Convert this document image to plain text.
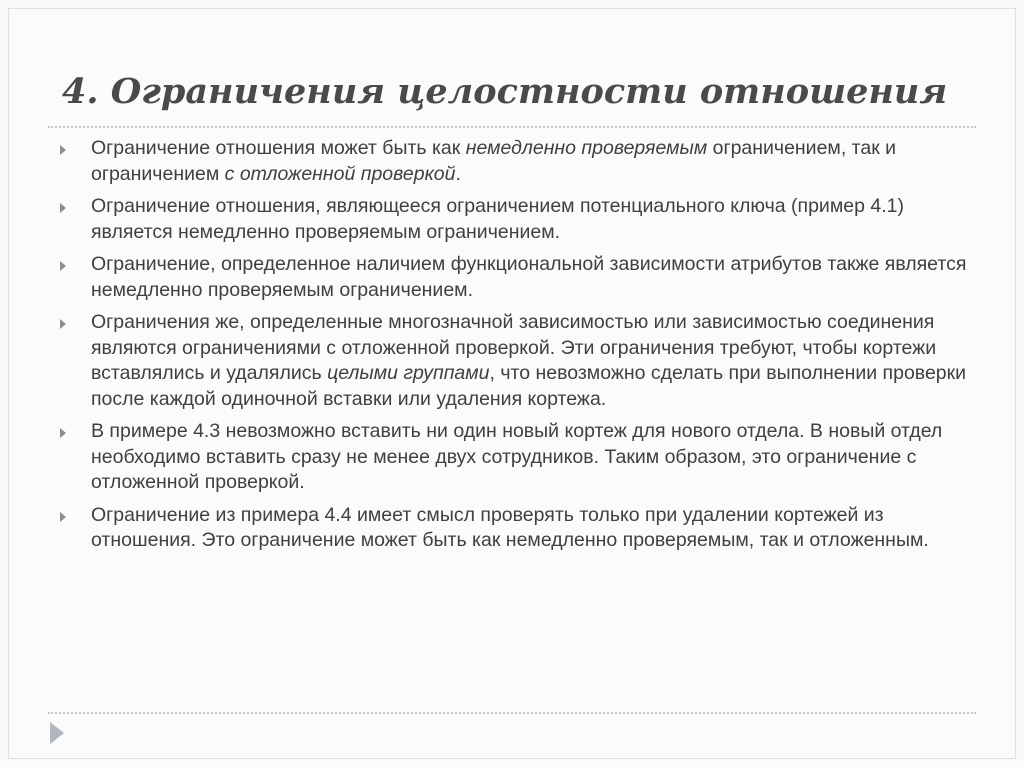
4. Ограничения целостности отношения
Ограничение отношения может быть как немедленно проверяемым ограничением, так и ограничением с отложенной проверкой.
Ограничение отношения, являющееся ограничением потенциального ключа (пример 4.1) является немедленно проверяемым ограничением.
Ограничение, определенное наличием функциональной зависимости атрибутов также является немедленно проверяемым ограничением.
Ограничения же, определенные многозначной зависимостью или зависимостью соединения являются ограничениями с отложенной проверкой. Эти ограничения требуют, чтобы кортежи вставлялись и удалялись целыми группами, что невозможно сделать при выполнении проверки после каждой одиночной вставки или удаления кортежа.
В примере 4.3 невозможно вставить ни один новый кортеж для нового отдела. В новый отдел необходимо вставить сразу не менее двух сотрудников. Таким образом, это ограничение с отложенной проверкой.
Ограничение из примера 4.4 имеет смысл проверять только при удалении кортежей из отношения. Это ограничение может быть как немедленно проверяемым, так и отложенным.
